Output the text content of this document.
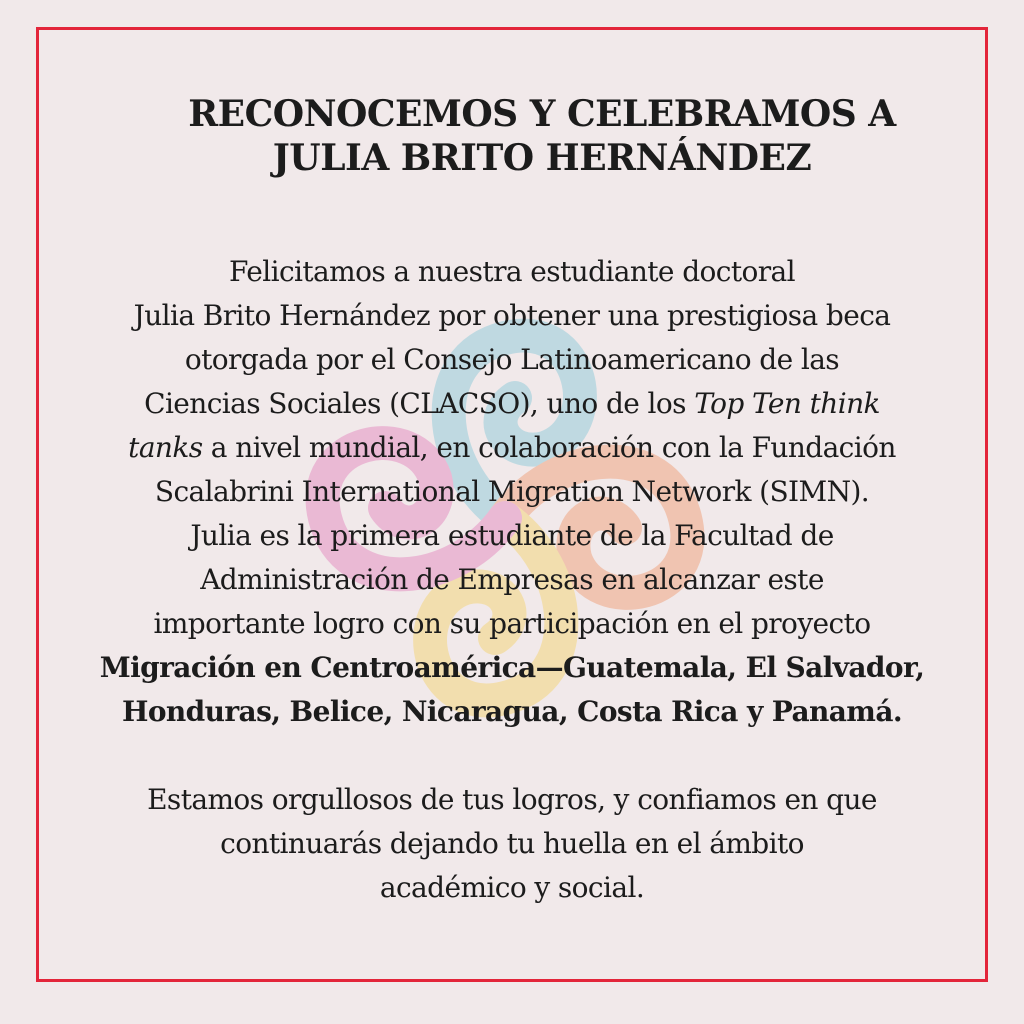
RECONOCEMOS Y CELEBRAMOS A
JULIA BRITO HERNÁNDEZ
Felicitamos a nuestra estudiante doctoral
Julia Brito Hernández por obtener una prestigiosa beca
otorgada por el Consejo Latinoamericano de las
Ciencias Sociales (CLACSO), uno de los Top Ten think
tanks a nivel mundial, en colaboración con la Fundación
Scalabrini International Migration Network (SIMN).
Julia es la primera estudiante de la Facultad de
Administración de Empresas en alcanzar este
importante logro con su participación en el proyecto
Migración en Centroamérica—Guatemala, El Salvador,
Honduras, Belice, Nicaragua, Costa Rica y Panamá.
Estamos orgullosos de tus logros, y confiamos en que
continuarás dejando tu huella en el ámbito
académico y social.
